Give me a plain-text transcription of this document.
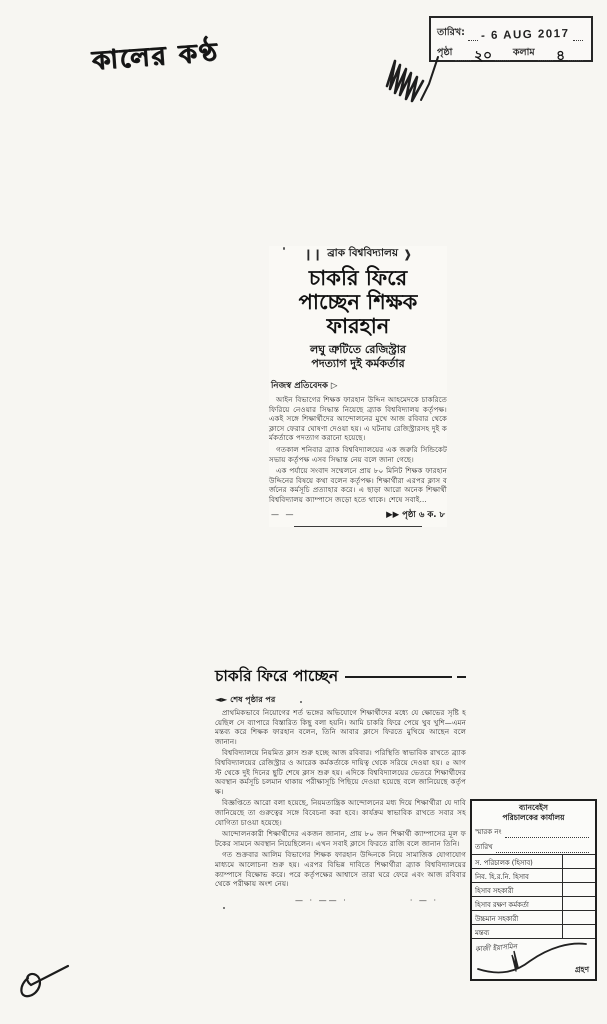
কালের কণ্ঠ
তারিখ: - 6 AUG 2017
পৃষ্ঠা ২০ কলাম ৪
❙❙ ব্রাক বিশ্ববিদ্যালয় ❱
চাকরি ফিরে
পাচ্ছেন শিক্ষক
ফারহান
লঘু ত্রুটিতে রেজিস্ট্রার
পদত্যাগ দুই কর্মকর্তার
নিজস্ব প্রতিবেদক ▷

আইন বিভাগের শিক্ষক ফারহান উদ্দিন আহমেদকে চাকরিতে ফিরিয়ে নেওয়ার সিদ্ধান্ত নিয়েছে ব্র্যাক বিশ্ববিদ্যালয় কর্তৃপক্ষ। একই সঙ্গে শিক্ষার্থীদের আন্দোলনের মুখে আজ রবিবার থেকে ক্লাসে ফেরার ঘোষণা দেওয়া হয়। এ ঘটনায় রেজিস্ট্রারসহ দুই কর্মকর্তাকে পদত্যাগ করানো হয়েছে।

গতকাল শনিবার ব্র্যাক বিশ্ববিদ্যালয়ের এক জরুরি সিন্ডিকেট সভায় কর্তৃপক্ষ এসব সিদ্ধান্ত নেয় বলে জানা গেছে।

এক পর্যায়ে সংবাদ সম্মেলনে প্রায় ৮০ মিনিট শিক্ষক ফারহান উদ্দিনের বিষয়ে কথা বলেন কর্তৃপক্ষ। শিক্ষার্থীরা এরপর ক্লাস বর্জনের কর্মসূচি প্রত্যাহার করে। এ ছাড়া আরো অনেক শিক্ষার্থী বিশ্ববিদ্যালয় ক্যাম্পাসে জড়ো হতে থাকে। শেষে সবাই...

— —	▶▶ পৃষ্ঠা ৬ ক. ৮
চাকরি ফিরে পাচ্ছেন
◄► শেষ পৃষ্ঠার পর

প্রাথমিকভাবে নিয়োগের শর্ত ভঙ্গের অভিযোগে শিক্ষার্থীদের মধ্যে যে ক্ষোভের সৃষ্টি হয়েছিল সে ব্যাপারে বিস্তারিত কিছু বলা হয়নি। আমি চাকরি ফিরে পেয়ে খুব খুশি—এমন মন্তব্য করে শিক্ষক ফারহান বলেন, তিনি আবার ক্লাসে ফিরতে মুখিয়ে আছেন বলে জানান।

বিশ্ববিদ্যালয়ে নিয়মিত ক্লাস শুরু হচ্ছে আজ রবিবার। পরিস্থিতি স্বাভাবিক রাখতে ব্র্যাক বিশ্ববিদ্যালয়ের রেজিস্ট্রার ও আরেক কর্মকর্তাকে দায়িত্ব থেকে সরিয়ে দেওয়া হয়। ৫ আগস্ট থেকে দুই দিনের ছুটি শেষে ক্লাস শুরু হয়। এদিকে বিশ্ববিদ্যালয়ের ভেতরে শিক্ষার্থীদের অবস্থান কর্মসূচি চলমান থাকায় পরীক্ষাসূচি পিছিয়ে দেওয়া হয়েছে বলে জানিয়েছে কর্তৃপক্ষ।

বিজ্ঞপ্তিতে আরো বলা হয়েছে, নিয়মতান্ত্রিক আন্দোলনের মধ্য দিয়ে শিক্ষার্থীরা যে দাবি জানিয়েছে তা গুরুত্বের সঙ্গে বিবেচনা করা হবে। কার্যক্রম স্বাভাবিক রাখতে সবার সহযোগিতা চাওয়া হয়েছে।

আন্দোলনকারী শিক্ষার্থীদের একজন জানান, প্রায় ৮০ জন শিক্ষার্থী ক্যাম্পাসের মূল ফটকের সামনে অবস্থান নিয়েছিলেন। এখন সবাই ক্লাসে ফিরতে রাজি বলে জানান তিনি।

গত শুক্রবার আলিম বিভাগের শিক্ষক ফারহান উদ্দিনকে নিয়ে সামাজিক যোগাযোগ মাধ্যমে আলোচনা শুরু হয়। এরপর বিভিন্ন দাবিতে শিক্ষার্থীরা ব্র্যাক বিশ্ববিদ্যালয়ের ক্যাম্পাসে বিক্ষোভ করে। পরে কর্তৃপক্ষের আশ্বাসে তারা ঘরে ফেরে এবং আজ রবিবার থেকে পরীক্ষায় অংশ নেয়।

— · —— ·	· — ·
ব্যানবেইস
পরিচালকের কার্যালয়
স্মারক নং
তারিখ
স. পরিচালক (হিসাব)
নিব. হি.র.নি. হিসাব
হিসাব সহকারী
হিসাব রক্ষণ কর্মকর্তা
উচ্চমান সহকারী
মন্তব্য
কাজী ইয়াসমিন
গ্রহণ
